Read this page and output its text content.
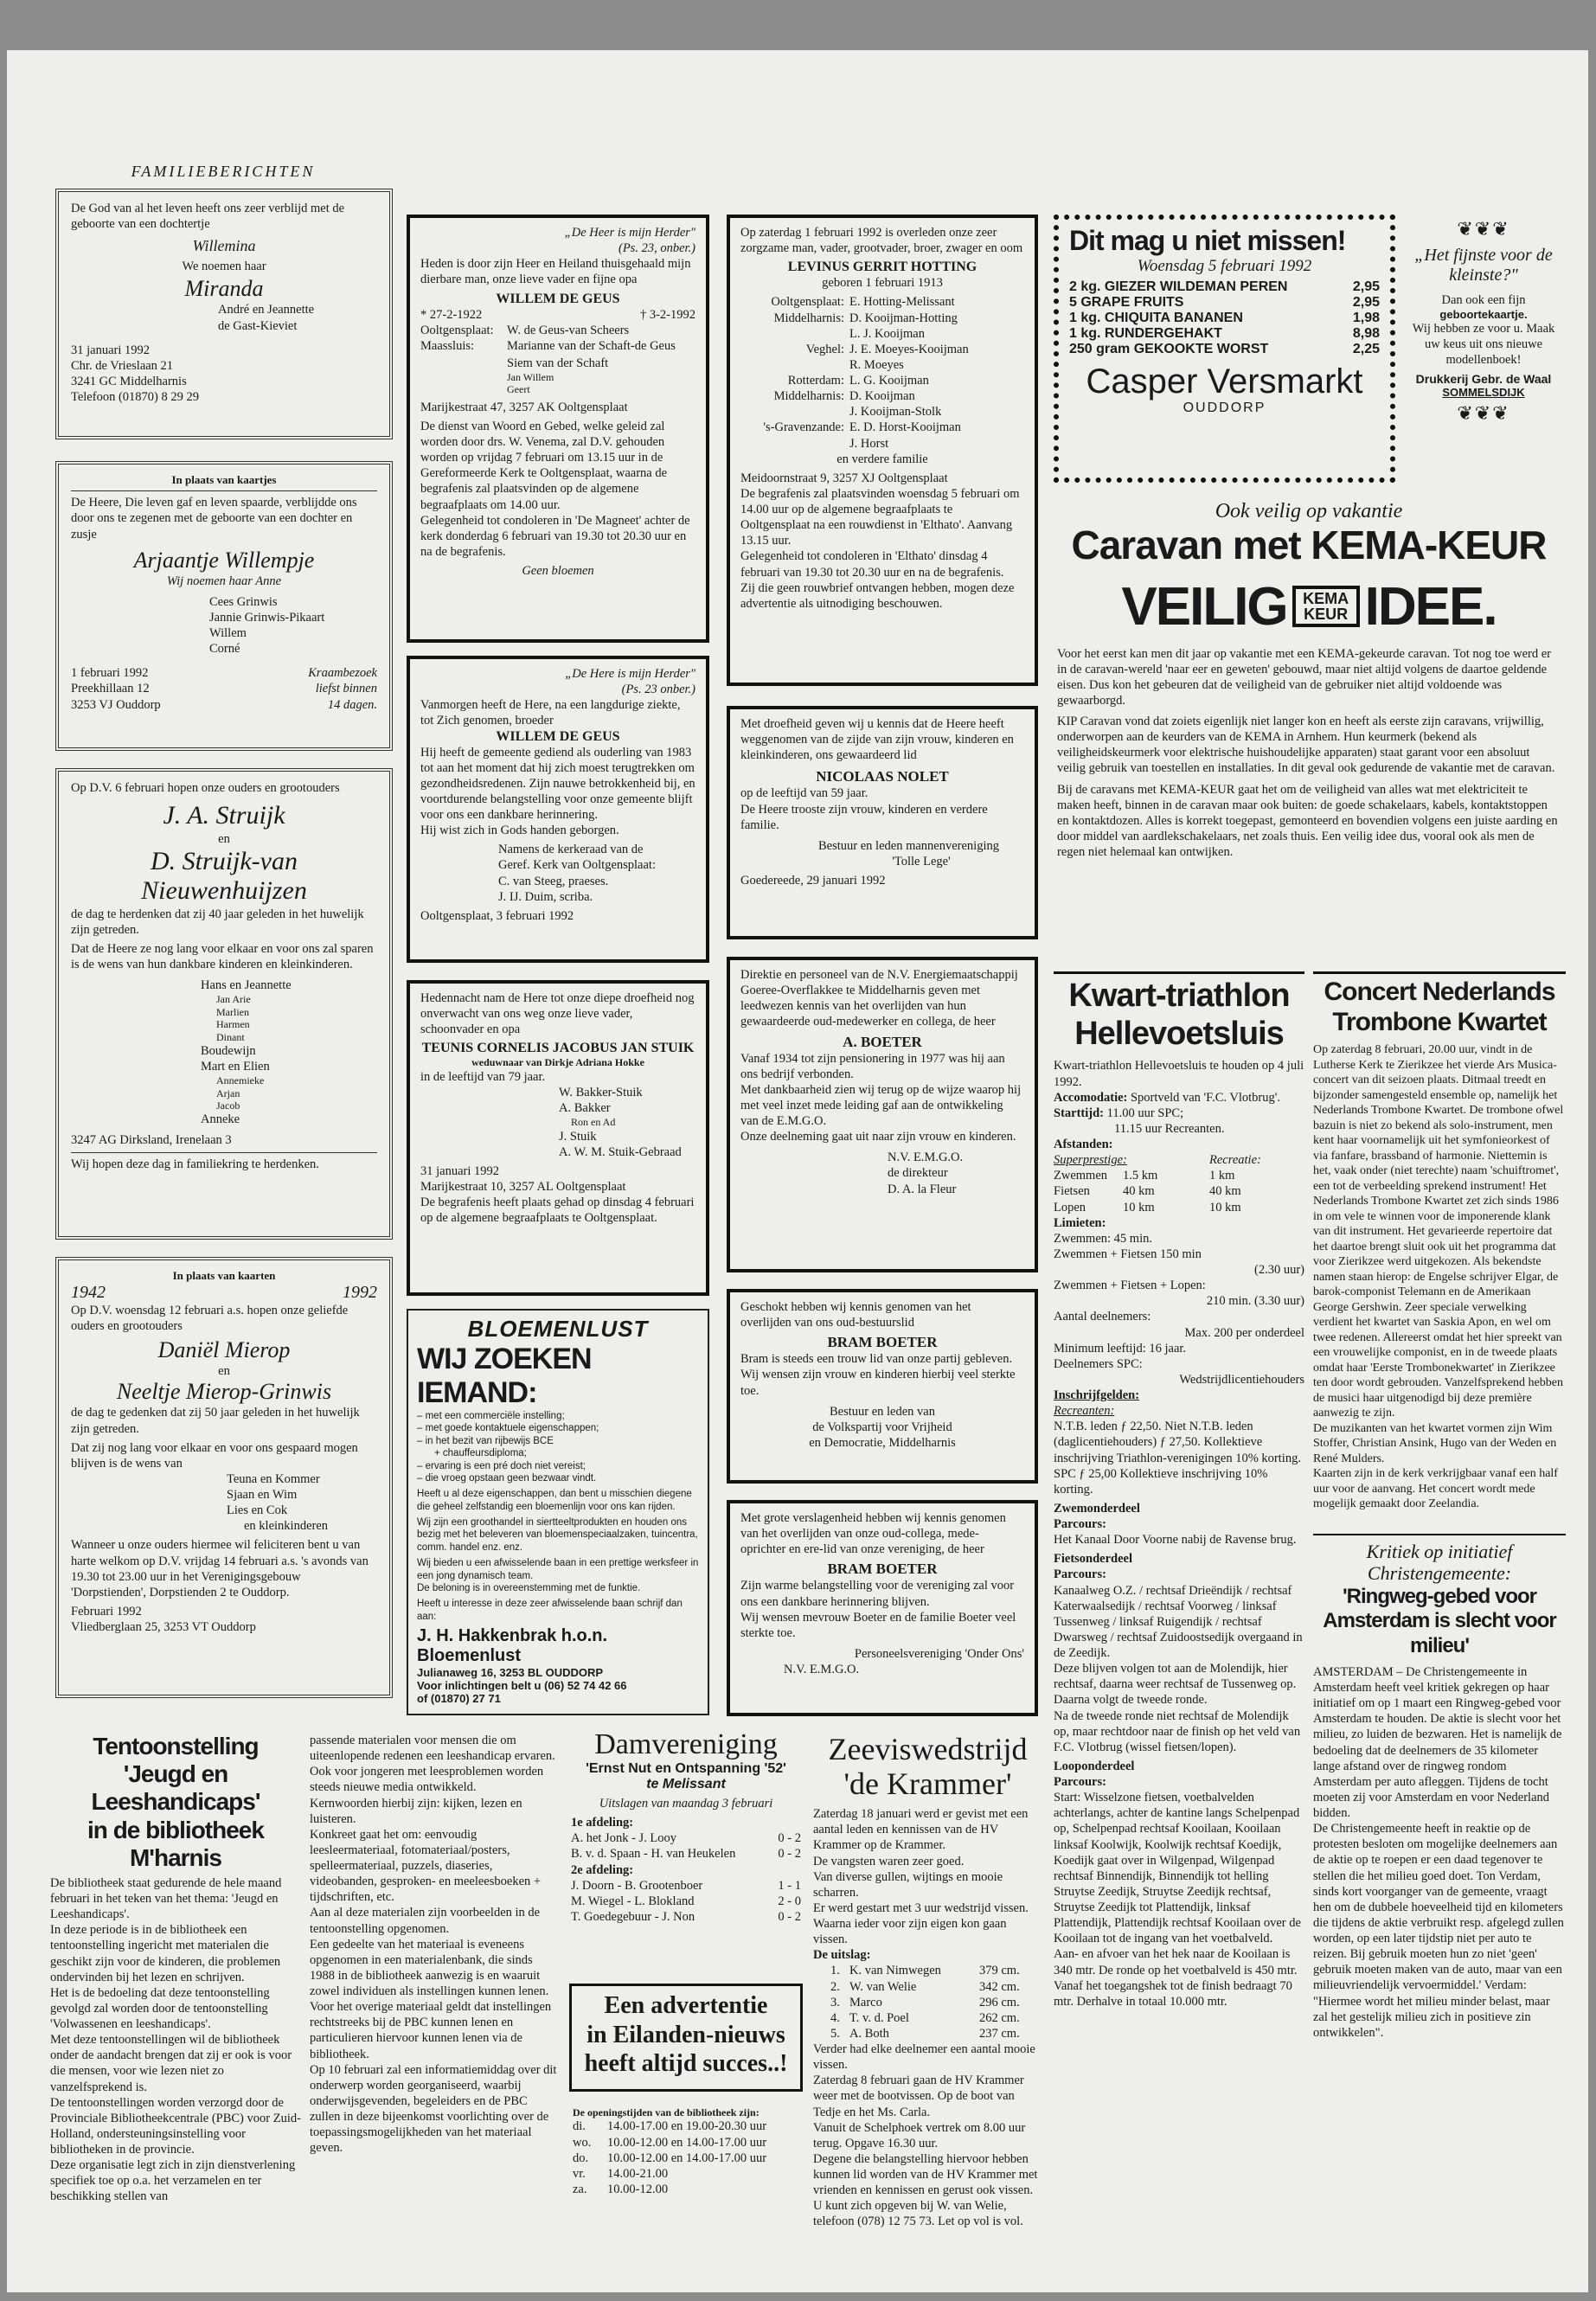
FAMILIEBERICHTEN

De God van al het leven heeft ons zeer verblijd met de geboorte van een dochtertje

Willemina

We noemen haar

Miranda

André en Jeannette

de Gast-Kieviet

31 januari 1992

Chr. de Vrieslaan 21

3241 GC Middelharnis

Telefoon (01870) 8 29 29

In plaats van kaartjes

De Heere, Die leven gaf en leven spaarde, verblijdde ons door ons te zegenen met de geboorte van een dochter en zusje

Arjaantje Willempje

Wij noemen haar Anne

Cees Grinwis

Jannie Grinwis-Pikaart

Willem

Corné

1 februari 1992

Preekhillaan 12

3253 VJ Ouddorp

Kraambezoek

liefst binnen

14 dagen.

Op D.V. 6 februari hopen onze ouders en grootouders

J. A. Struijk

en

D. Struijk-van Nieuwenhuijzen

de dag te herdenken dat zij 40 jaar geleden in het huwelijk zijn getreden.

Dat de Heere ze nog lang voor elkaar en voor ons zal sparen is de wens van hun dankbare kinderen en kleinkinderen.

Hans en Jeannette

Jan Arie

Marlien

Harmen

Dinant

Boudewijn

Mart en Elien

Annemieke

Arjan

Jacob

Anneke

3247 AG Dirksland, Irenelaan 3

Wij hopen deze dag in familiekring te herdenken.

In plaats van kaarten

1942	1992

Op D.V. woensdag 12 februari a.s. hopen onze geliefde ouders en grootouders

Daniël Mierop

en

Neeltje Mierop-Grinwis

de dag te gedenken dat zij 50 jaar geleden in het huwelijk zijn getreden.

Dat zij nog lang voor elkaar en voor ons gespaard mogen blijven is de wens van

Teuna en Kommer

Sjaan en Wim

Lies en Cok

en kleinkinderen

Wanneer u onze ouders hiermee wil feliciteren bent u van harte welkom op D.V. vrijdag 14 februari a.s. 's avonds van 19.30 tot 23.00 uur in het Verenigingsgebouw 'Dorpstienden', Dorpstienden 2 te Ouddorp.

Februari 1992

Vliedberglaan 25, 3253 VT Ouddorp

„De Heer is mijn Herder"

(Ps. 23, onber.)

Heden is door zijn Heer en Heiland thuisgehaald mijn dierbare man, onze lieve vader en fijne opa

WILLEM DE GEUS

* 27-2-1922	† 3-2-1992
Ooltgensplaat:	W. de Geus-van Scheers
Maassluis:	Marianne van der Schaft-de Geus

Siem van der Schaft

Jan Willem

Geert

Marijkestraat 47, 3257 AK Ooltgensplaat

De dienst van Woord en Gebed, welke geleid zal worden door drs. W. Venema, zal D.V. gehouden worden op vrijdag 7 februari om 13.15 uur in de Gereformeerde Kerk te Ooltgensplaat, waarna de begrafenis zal plaatsvinden op de algemene begraafplaats om 14.00 uur.

Gelegenheid tot condoleren in 'De Magneet' achter de kerk donderdag 6 februari van 19.30 tot 20.30 uur en na de begrafenis.

Geen bloemen

„De Here is mijn Herder"

(Ps. 23 onber.)

Vanmorgen heeft de Here, na een langdurige ziekte, tot Zich genomen, broeder

WILLEM DE GEUS

Hij heeft de gemeente gediend als ouderling van 1983 tot aan het moment dat hij zich moest terugtrekken om gezondheidsredenen. Zijn nauwe betrokkenheid bij, en voortdurende belangstelling voor onze gemeente blijft voor ons een dankbare herinnering.

Hij wist zich in Gods handen geborgen.

Namens de kerkeraad van de

Geref. Kerk van Ooltgensplaat:

C. van Steeg, praeses.

J. IJ. Duim, scriba.

Ooltgensplaat, 3 februari 1992

Hedennacht nam de Here tot onze diepe droefheid nog onverwacht van ons weg onze lieve vader, schoonvader en opa

TEUNIS CORNELIS JACOBUS JAN STUIK

weduwnaar van Dirkje Adriana Hokke

in de leeftijd van 79 jaar.

W. Bakker-Stuik

A. Bakker

Ron en Ad

J. Stuik

A. W. M. Stuik-Gebraad

31 januari 1992

Marijkestraat 10, 3257 AL Ooltgensplaat

De begrafenis heeft plaats gehad op dinsdag 4 februari op de algemene begraafplaats te Ooltgensplaat.

BLOEMENLUST

WIJ ZOEKEN IEMAND:

– met een commerciële instelling;

– met goede kontaktuele eigenschappen;

– in het bezit van rijbewijs BCE

+ chauffeursdiploma;

– ervaring is een pré doch niet vereist;

– die vroeg opstaan geen bezwaar vindt.

Heeft u al deze eigenschappen, dan bent u misschien diegene die geheel zelfstandig een bloemenlijn voor ons kan rijden.

Wij zijn een groothandel in siertteeltprodukten en houden ons bezig met het beleveren van bloemenspeciaalzaken, tuincentra, comm. handel enz. enz.

Wij bieden u een afwisselende baan in een prettige werksfeer in een jong dynamisch team.

De beloning is in overeenstemming met de funktie.

Heeft u interesse in deze zeer afwisselende baan schrijf dan aan:

J. H. Hakkenbrak h.o.n. Bloemenlust

Julianaweg 16, 3253 BL OUDDORP

Voor inlichtingen belt u (06) 52 74 42 66

of (01870) 27 71

Op zaterdag 1 februari 1992 is overleden onze zeer zorgzame man, vader, grootvader, broer, zwager en oom

LEVINUS GERRIT HOTTING

geboren 1 februari 1913

Ooltgensplaat: E. Hotting-Melissant
Middelharnis: D. Kooijman-Hotting
L. J. Kooijman
Veghel: J. E. Moeyes-Kooijman
R. Moeyes
Rotterdam: L. G. Kooijman
Middelharnis: D. Kooijman
J. Kooijman-Stolk
's-Gravenzande: E. D. Horst-Kooijman
J. Horst

en verdere familie

Meidoornstraat 9, 3257 XJ Ooltgensplaat

De begrafenis zal plaatsvinden woensdag 5 februari om 14.00 uur op de algemene begraafplaats te Ooltgensplaat na een rouwdienst in 'Elthato'. Aanvang 13.15 uur.

Gelegenheid tot condoleren in 'Elthato' dinsdag 4 februari van 19.30 tot 20.30 uur en na de begrafenis.

Zij die geen rouwbrief ontvangen hebben, mogen deze advertentie als uitnodiging beschouwen.

Met droefheid geven wij u kennis dat de Heere heeft weggenomen van de zijde van zijn vrouw, kinderen en kleinkinderen, ons gewaardeerd lid

NICOLAAS NOLET

op de leeftijd van 59 jaar.

De Heere trooste zijn vrouw, kinderen en verdere familie.

Bestuur en leden mannenvereniging

'Tolle Lege'

Goedereede, 29 januari 1992

Direktie en personeel van de N.V. Energiemaatschappij Goeree-Overflakkee te Middelharnis geven met leedwezen kennis van het overlijden van hun gewaardeerde oud-medewerker en collega, de heer

A. BOETER

Vanaf 1934 tot zijn pensionering in 1977 was hij aan ons bedrijf verbonden.

Met dankbaarheid zien wij terug op de wijze waarop hij met veel inzet mede leiding gaf aan de ontwikkeling van de E.M.G.O.

Onze deelneming gaat uit naar zijn vrouw en kinderen.

N.V. E.M.G.O.

de direkteur

D. A. la Fleur

Geschokt hebben wij kennis genomen van het overlijden van ons oud-bestuurslid

BRAM BOETER

Bram is steeds een trouw lid van onze partij gebleven.

Wij wensen zijn vrouw en kinderen hierbij veel sterkte toe.

Bestuur en leden van

de Volkspartij voor Vrijheid

en Democratie, Middelharnis

Met grote verslagenheid hebben wij kennis genomen van het overlijden van onze oud-collega, mede-oprichter en ere-lid van onze vereniging, de heer

BRAM BOETER

Zijn warme belangstelling voor de vereniging zal voor ons een dankbare herinnering blijven.

Wij wensen mevrouw Boeter en de familie Boeter veel sterkte toe.

Personeelsvereniging 'Onder Ons'

N.V. E.M.G.O.

Dit mag u niet missen!

Woensdag 5 februari 1992

2 kg. GIEZER WILDEMAN PEREN	2,95
5 GRAPE FRUITS	2,95
1 kg. CHIQUITA BANANEN	1,98
1 kg. RUNDERGEHAKT	8,98
250 gram GEKOOKTE WORST	2,25

Casper Versmarkt

OUDDORP

❦❦❦

„Het fijnste voor de kleinste?"

Dan ook een fijn

geboortekaartje.

Wij hebben ze voor u. Maak uw keus uit ons nieuwe modellenboek!

Drukkerij Gebr. de Waal

SOMMELSDIJK

❦❦❦

Ook veilig op vakantie

Caravan met KEMA-KEUR

VEILIG	KEMA KEUR IDEE.

Voor het eerst kan men dit jaar op vakantie met een KEMA-gekeurde caravan. Tot nog toe werd er in de caravan-wereld 'naar eer en geweten' gebouwd, maar niet altijd volgens de daartoe geldende eisen. Dus kon het gebeuren dat de veiligheid van de gebruiker niet altijd voldoende was gewaarborgd.

KIP Caravan vond dat zoiets eigenlijk niet langer kon en heeft als eerste zijn caravans, vrijwillig, onderworpen aan de keurders van de KEMA in Arnhem. Hun keurmerk (bekend als veiligheidskeurmerk voor elektrische huishoudelijke apparaten) staat garant voor een absoluut veilig gebruik van toestellen en installaties. In dit geval ook gedurende de vakantie met de caravan.

Bij de caravans met KEMA-KEUR gaat het om de veiligheid van alles wat met elektriciteit te maken heeft, binnen in de caravan maar ook buiten: de goede schakelaars, kabels, kontaktstoppen en kontaktdozen. Alles is korrekt toegepast, gemonteerd en bovendien volgens een juiste aarding en door middel van aardlekschakelaars, net zoals thuis. Een veilig idee dus, vooral ook als men de regen niet helemaal kan ontwijken.

Kwart-triathlon

Hellevoetsluis

Kwart-triathlon Hellevoetsluis te houden op 4 juli 1992.

Accomodatie: Sportveld van 'F.C. Vlotbrug'.

Starttijd: 11.00 uur SPC;

11.15 uur Recreanten.

Afstanden:

Superprestige:	Recreatie:
Zwemmen	1.5 km	1 km
Fietsen	40 km	40 km
Lopen	10 km	10 km

Limieten:

Zwemmen: 45 min.

Zwemmen + Fietsen 150 min

(2.30 uur)

Zwemmen + Fietsen + Lopen:

210 min. (3.30 uur)

Aantal deelnemers:

Max. 200 per onderdeel

Minimum leeftijd: 16 jaar.

Deelnemers SPC:

Wedstrijdlicentiehouders

Inschrijfgelden:

Recreanten:

N.T.B. leden ƒ 22,50. Niet N.T.B. leden (daglicentiehouders) ƒ 27,50. Kollektieve inschrijving Triathlon-verenigingen 10% korting. SPC ƒ 25,00 Kollektieve inschrijving 10% korting.

Zwemonderdeel

Parcours:

Het Kanaal Door Voorne nabij de Ravense brug.

Fietsonderdeel

Parcours:

Kanaalweg O.Z. / rechtsaf Drieëndijk / rechtsaf Katerwaalsedijk / rechtsaf Voorweg / linksaf Tussenweg / linksaf Ruigendijk / rechtsaf Dwarsweg / rechtsaf Zuidoostsedijk overgaand in de Zeedijk.

Deze blijven volgen tot aan de Molendijk, hier rechtsaf, daarna weer rechtsaf de Tussenweg op. Daarna volgt de tweede ronde.

Na de tweede ronde niet rechtsaf de Molendijk op, maar rechtdoor naar de finish op het veld van F.C. Vlotbrug (wissel fietsen/lopen).

Looponderdeel

Parcours:

Start: Wisselzone fietsen, voetbalvelden achterlangs, achter de kantine langs Schelpenpad op, Schelpenpad rechtsaf Kooilaan, Kooilaan linksaf Koolwijk, Koolwijk rechtsaf Koedijk, Koedijk gaat over in Wilgenpad, Wilgenpad rechtsaf Binnendijk, Binnendijk tot helling Struytse Zeedijk, Struytse Zeedijk rechtsaf, Struytse Zeedijk tot Plattendijk, linksaf Plattendijk, Plattendijk rechtsaf Kooilaan over de Kooilaan tot de ingang van het voetbalveld.

Aan- en afvoer van het hek naar de Kooilaan is 340 mtr. De ronde op het voetbalveld is 450 mtr. Vanaf het toegangshek tot de finish bedraagt 70 mtr. Derhalve in totaal 10.000 mtr.

Concert Nederlands

Trombone Kwartet

Op zaterdag 8 februari, 20.00 uur, vindt in de Lutherse Kerk te Zierikzee het vierde Ars Musica-concert van dit seizoen plaats. Ditmaal treedt en bijzonder samengesteld ensemble op, namelijk het Nederlands Trombone Kwartet. De trombone ofwel bazuin is niet zo bekend als solo-instrument, men kent haar voornamelijk uit het symfonieorkest of via fanfare, brassband of harmonie. Niettemin is het, vaak onder (niet terechte) naam 'schuiftromet', een tot de verbeelding sprekend instrument! Het Nederlands Trombone Kwartet zet zich sinds 1986 in om vele te winnen voor de imponerende klank van dit instrument. Het gevarieerde repertoire dat het daartoe brengt sluit ook uit het programma dat voor Zierikzee werd uitgekozen. Als bekendste namen staan hierop: de Engelse schrijver Elgar, de barok-componist Telemann en de Amerikaan George Gershwin. Zeer speciale verwelking verdient het kwartet van Saskia Apon, en wel om twee redenen. Allereerst omdat het hier spreekt van een vrouwelijke componist, en in de tweede plaats omdat haar 'Eerste Trombonekwartet' in Zierikzee ten door wordt gebrouden. Vanzelfsprekend hebben de musici haar uitgenodigd bij deze première aanwezig te zijn.

De muzikanten van het kwartet vormen zijn Wim Stoffer, Christian Ansink, Hugo van der Weden en René Mulders.

Kaarten zijn in de kerk verkrijgbaar vanaf een half uur voor de aanvang. Het concert wordt mede mogelijk gemaakt door Zeelandia.

Kritiek op initiatief

Christengemeente:

'Ringweg-gebed voor Amsterdam is slecht voor milieu'

AMSTERDAM – De Christengemeente in Amsterdam heeft veel kritiek gekregen op haar initiatief om op 1 maart een Ringweg-gebed voor Amsterdam te houden. De aktie is slecht voor het milieu, zo luiden de bezwaren. Het is namelijk de bedoeling dat de deelnemers de 35 kilometer lange afstand over de ringweg rondom Amsterdam per auto afleggen. Tijdens de tocht moeten zij voor Amsterdam en voor Nederland bidden.

De Christengemeente heeft in reaktie op de protesten besloten om mogelijke deelnemers aan de aktie op te roepen er een daad tegenover te stellen die het milieu goed doet. Ton Verdam, sinds kort voorganger van de gemeente, vraagt hen om de dubbele hoeveelheid tijd en kilometers die tijdens de aktie verbruikt resp. afgelegd zullen worden, op een later tijdstip niet per auto te reizen. Bij gebruik moeten hun zo niet 'geen' gebruik moeten maken van de auto, maar van een milieuvriendelijk vervoermiddel.' Verdam: "Hiermee wordt het milieu minder belast, maar zal het gestelijk milieu zich in positieve zin ontwikkelen".

Tentoonstelling

'Jeugd en Leeshandicaps'

in de bibliotheek M'harnis

De bibliotheek staat gedurende de hele maand februari in het teken van het thema: 'Jeugd en Leeshandicaps'.

In deze periode is in de bibliotheek een tentoonstelling ingericht met materialen die geschikt zijn voor de kinderen, die problemen ondervinden bij het lezen en schrijven.

Het is de bedoeling dat deze tentoonstelling gevolgd zal worden door de tentoonstelling 'Volwassenen en leeshandicaps'.

Met deze tentoonstellingen wil de bibliotheek onder de aandacht brengen dat zij er ook is voor die mensen, voor wie lezen niet zo vanzelfsprekend is.

De tentoonstellingen worden verzorgd door de Provinciale Bibliotheekcentrale (PBC) voor Zuid-Holland, ondersteuningsinstelling voor bibliotheken in de provincie.

Deze organisatie legt zich in zijn dienstverlening specifiek toe op o.a. het verzamelen en ter beschikking stellen van

passende materialen voor mensen die om uiteenlopende redenen een leeshandicap ervaren. Ook voor jongeren met leesproblemen worden steeds nieuwe media ontwikkeld.

Kernwoorden hierbij zijn: kijken, lezen en luisteren.

Konkreet gaat het om: eenvoudig leesleermateriaal, fotomateriaal/posters, spelleermateriaal, puzzels, diaseries, videobanden, gesproken- en meeleesboeken + tijdschriften, etc.

Aan al deze materialen zijn voorbeelden in de tentoonstelling opgenomen.

Een gedeelte van het materiaal is eveneens opgenomen in een materialenbank, die sinds 1988 in de bibliotheek aanwezig is en waaruit zowel individuen als instellingen kunnen lenen. Voor het overige materiaal geldt dat instellingen rechtstreeks bij de PBC kunnen lenen en particulieren hiervoor kunnen lenen via de bibliotheek.

Op 10 februari zal een informatiemiddag over dit onderwerp worden georganiseerd, waarbij onderwijsgevenden, begeleiders en de PBC zullen in deze bijeenkomst voorlichting over de toepassingsmogelijkheden van het materiaal geven.

Damvereniging

'Ernst Nut en Ontspanning '52'

te Melissant

Uitslagen van maandag 3 februari

1e afdeling:

A. het Jonk - J. Looy	0 - 2
B. v. d. Spaan - H. van Heukelen	0 - 2

2e afdeling:

J. Doorn - B. Grootenboer	1 - 1
M. Wiegel - L. Blokland	2 - 0
T. Goedegebuur - J. Non	0 - 2

Een advertentie

in Eilanden-nieuws

heeft altijd succes..!

De openingstijden van de bibliotheek zijn:

di.	14.00-17.00 en 19.00-20.30 uur
wo.	10.00-12.00 en 14.00-17.00 uur
do.	10.00-12.00 en 14.00-17.00 uur
vr.	14.00-21.00
za.	10.00-12.00

Zeeviswedstrijd

'de Krammer'

Zaterdag 18 januari werd er gevist met een aantal leden en kennissen van de HV Krammer op de Krammer.

De vangsten waren zeer goed.

Van diverse gullen, wijtings en mooie scharren.

Er werd gestart met 3 uur wedstrijd vissen.

Waarna ieder voor zijn eigen kon gaan vissen.

De uitslag:

1. K. van Nimwegen	379 cm.
2. W. van Welie	342 cm.
3. Marco	296 cm.
4. T. v. d. Poel	262 cm.
5. A. Both	237 cm.

Verder had elke deelnemer een aantal mooie vissen.

Zaterdag 8 februari gaan de HV Krammer weer met de bootvissen. Op de boot van Tedje en het Ms. Carla.

Vanuit de Schelphoek vertrek om 8.00 uur terug. Opgave 16.30 uur.

Degene die belangstelling hiervoor hebben kunnen lid worden van de HV Krammer met vrienden en kennissen en gerust ook vissen. U kunt zich opgeven bij W. van Welie, telefoon (078) 12 75 73. Let op vol is vol.
